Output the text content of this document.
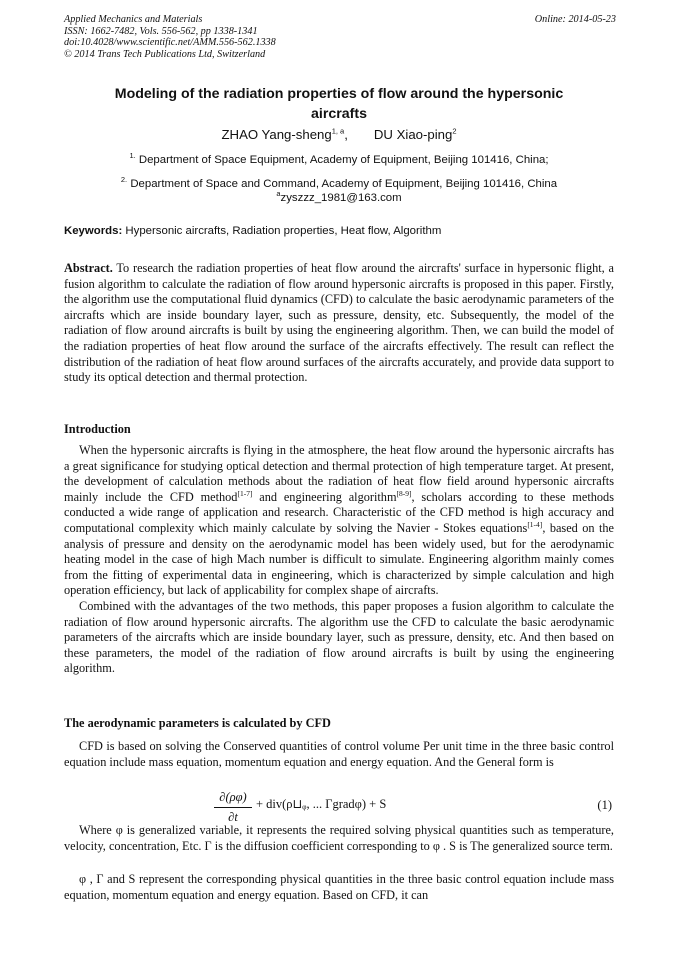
Applied Mechanics and Materials
ISSN: 1662-7482, Vols. 556-562, pp 1338-1341
doi:10.4028/www.scientific.net/AMM.556-562.1338
© 2014 Trans Tech Publications Ltd, Switzerland
Online: 2014-05-23
Modeling of the radiation properties of flow around the hypersonic
aircrafts
ZHAO Yang-sheng$^{1, a}$, DU Xiao-ping$^2$
$^{1.}$ Department of Space Equipment, Academy of Equipment, Beijing 101416, China;
$^{2.}$ Department of Space and Command, Academy of Equipment, Beijing 101416, China
$^a$zyszzz_1981@163.com
Keywords: Hypersonic aircrafts, Radiation properties, Heat flow, Algorithm

Abstract. To research the radiation properties of heat flow around the aircrafts' surface in hypersonic flight, a fusion algorithm to calculate the radiation of flow around hypersonic aircrafts is proposed in this paper. Firstly, the algorithm use the computational fluid dynamics (CFD) to calculate the basic aerodynamic parameters of the aircrafts which are inside boundary layer, such as pressure, density, etc. Subsequently, the model of the radiation of flow around aircrafts is built by using the engineering algorithm. Then, we can build the model of the radiation properties of heat flow around the surface of the aircrafts effectively. The result can reflect the distribution of the radiation of heat flow around surfaces of the aircrafts accurately, and provide data support to study its optical detection and thermal protection.

Introduction

When the hypersonic aircrafts is flying in the atmosphere, the heat flow around the hypersonic aircrafts has a great significance for studying optical detection and thermal protection of high temperature target. At present, the development of calculation methods about the radiation of heat flow field around hypersonic aircrafts mainly include the CFD method[1-7] and engineering algorithm[8-9], scholars according to these methods conducted a wide range of application and research. Characteristic of the CFD method is high accuracy and computational complexity which mainly calculate by solving the Navier - Stokes equations[1-4], based on the analysis of pressure and density on the aerodynamic model has been widely used, but for the aerodynamic heating model in the case of high Mach number is difficult to simulate. Engineering algorithm mainly comes from the fitting of experimental data in engineering, which is characterized by simple calculation and high operation efficiency, but lack of applicability for complex shape of aircrafts.

Combined with the advantages of the two methods, this paper proposes a fusion algorithm to calculate the radiation of flow around hypersonic aircrafts. The algorithm use the CFD to calculate the basic aerodynamic parameters of the aircrafts which are inside boundary layer, such as pressure, density, etc. And then based on these parameters, the model of the radiation of flow around aircrafts is built by using the engineering algorithm.

The aerodynamic parameters is calculated by CFD

CFD is based on solving the Conserved quantities of control volume Per unit time in the three basic control equation include mass equation, momentum equation and energy equation. And the General form is

$\frac{\partial(\rho\varphi)}{\partial t}$ + div(ρ⊔ᵩ, ... Γgradφ) + S	(1)

Where φ is generalized variable, it represents the required solving physical quantities such as temperature, velocity, concentration, Etc. Γ is the diffusion coefficient corresponding to φ . S is The generalized source term.

φ , Γ and S represent the corresponding physical quantities in the three basic control equation include mass equation, momentum equation and energy equation. Based on CFD, it can
